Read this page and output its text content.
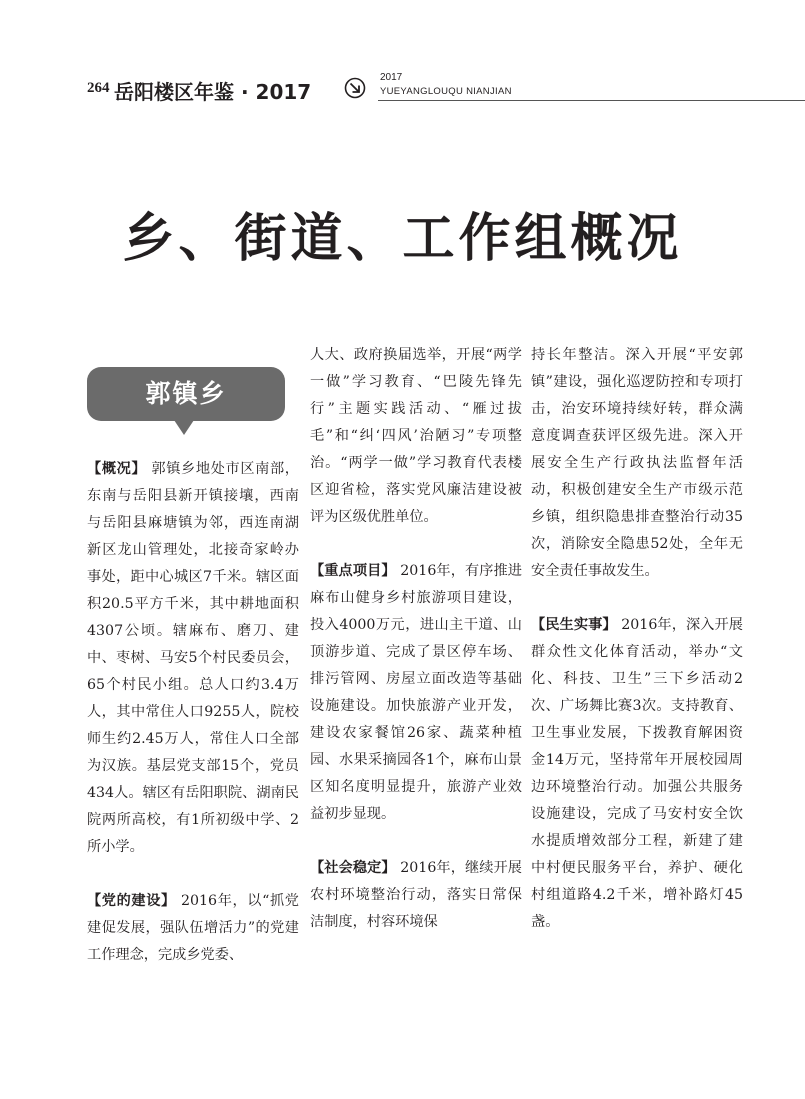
264 岳阳楼区年鉴 · 2017
2017
YUEYANGLOUQU NIANJIAN
乡、街道、工作组概况
郭镇乡

【概况】 郭镇乡地处市区南部，东南与岳阳县新开镇接壤，西南与岳阳县麻塘镇为邻，西连南湖新区龙山管理处，北接奇家岭办事处，距中心城区7千米。辖区面积20.5平方千米，其中耕地面积4307公顷。辖麻布、磨刀、建中、枣树、马安5个村民委员会，65个村民小组。总人口约3.4万人，其中常住人口9255人，院校师生约2.45万人，常住人口全部为汉族。基层党支部15个，党员434人。辖区有岳阳职院、湖南民院两所高校，有1所初级中学、2所小学。

【党的建设】 2016年，以“抓党建促发展，强队伍增活力”的党建工作理念，完成乡党委、

人大、政府换届选举，开展“两学一做”学习教育、“巴陵先锋先行”主题实践活动、“雁过拔毛”和“纠‘四风’治陋习”专项整治。“两学一做”学习教育代表楼区迎省检，落实党风廉洁建设被评为区级优胜单位。

【重点项目】 2016年，有序推进麻布山健身乡村旅游项目建设，投入4000万元，进山主干道、山顶游步道、完成了景区停车场、排污管网、房屋立面改造等基础设施建设。加快旅游产业开发，建设农家餐馆26家、蔬菜种植园、水果采摘园各1个，麻布山景区知名度明显提升，旅游产业效益初步显现。

【社会稳定】 2016年，继续开展农村环境整治行动，落实日常保洁制度，村容环境保

持长年整洁。深入开展“平安郭镇”建设，强化巡逻防控和专项打击，治安环境持续好转，群众满意度调查获评区级先进。深入开展安全生产行政执法监督年活动，积极创建安全生产市级示范乡镇，组织隐患排查整治行动35次，消除安全隐患52处，全年无安全责任事故发生。

【民生实事】 2016年，深入开展群众性文化体育活动，举办“文化、科技、卫生”三下乡活动2次、广场舞比赛3次。支持教育、卫生事业发展，下拨教育解困资金14万元，坚持常年开展校园周边环境整治行动。加强公共服务设施建设，完成了马安村安全饮水提质增效部分工程，新建了建中村便民服务平台，养护、硬化村组道路4.2千米，增补路灯45盏。
